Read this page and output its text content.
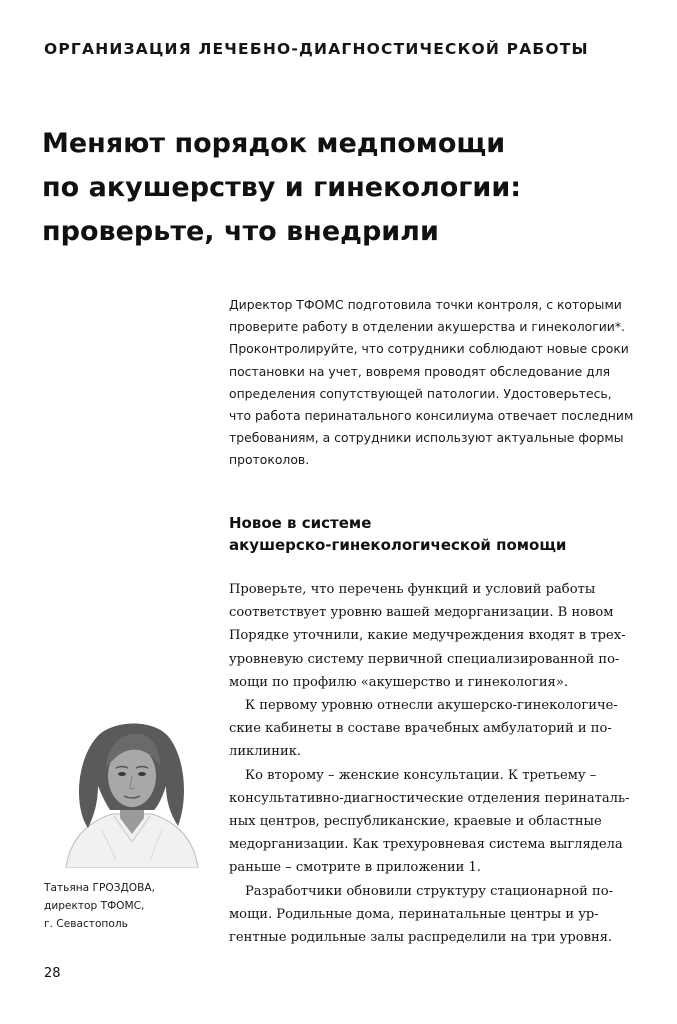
ОРГАНИЗАЦИЯ ЛЕЧЕБНО-ДИАГНОСТИЧЕСКОЙ РАБОТЫ
Меняют порядок медпомощи
по акушерству и гинекологии:
проверьте, что внедрили
Директор ТФОМС подготовила точки контроля, с которыми
проверите работу в отделении акушерства и гинекологии*.
Проконтролируйте, что сотрудники соблюдают новые сроки
постановки на учет, вовремя проводят обследование для
определения сопутствующей патологии. Удостоверьтесь,
что работа перинатального консилиума отвечает последним
требованиям, а сотрудники используют актуальные формы
протоколов.
Новое в системе
акушерско-гинекологической помощи
Проверьте, что перечень функций и условий работы
соответствует уровню вашей медорганизации. В новом
Порядке уточнили, какие медучреждения входят в трех-
уровневую систему первичной специализированной по-
мощи по профилю «акушерство и гинекология».
К первому уровню отнесли акушерско-гинекологиче-
ские кабинеты в составе врачебных амбулаторий и по-
ликлиник.
Ко второму – женские консультации. К третьему –
консультативно-диагностические отделения перинаталь-
ных центров, республиканские, краевые и областные
медорганизации. Как трехуровневая система выглядела
раньше – смотрите в приложении 1.
Разработчики обновили структуру стационарной по-
мощи. Родильные дома, перинатальные центры и ур-
гентные родильные залы распределили на три уровня.
Татьяна ГРОЗДОВА,
директор ТФОМС,
г. Севастополь
28
